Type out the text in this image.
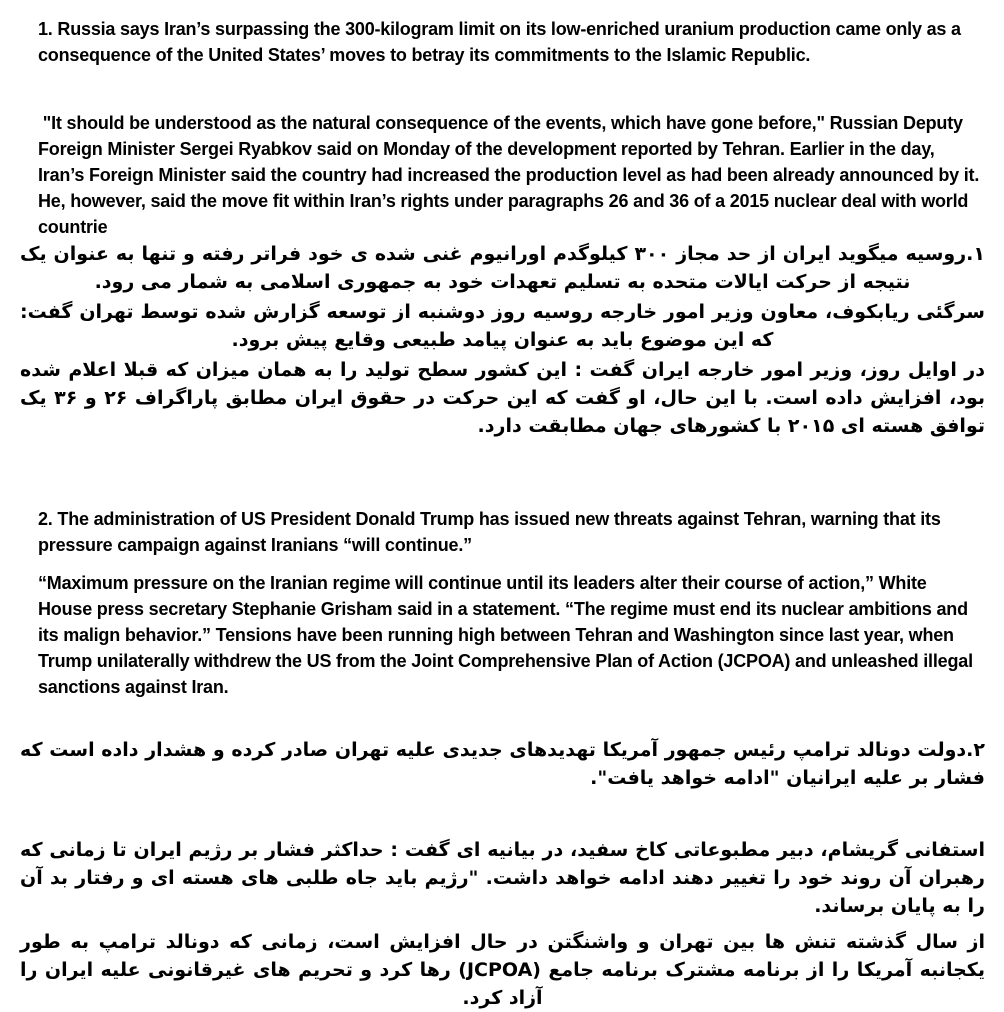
1. Russia says Iran’s surpassing the 300-kilogram limit on its low-enriched uranium production came only as a consequence of the United States’ moves to betray its commitments to the Islamic Republic.

"It should be understood as the natural consequence of the events, which have gone before," Russian Deputy Foreign Minister Sergei Ryabkov said on Monday of the development reported by Tehran. Earlier in the day, Iran’s Foreign Minister said the country had increased the production level as had been already announced by it. He, however, said the move fit within Iran’s rights under paragraphs 26 and 36 of a 2015 nuclear deal with world countrie

۱.روسیه میگوید ایران از حد مجاز ۳۰۰ کیلوگدم اورانیوم غنی شده ی خود فراتر رفته و تنها به عنوان یک نتیجه از حرکت ایالات متحده به تسلیم تعهدات خود به جمهوری اسلامی به شمار می رود.

سرگئی ریابکوف، معاون وزیر امور خارجه روسیه روز دوشنبه از توسعه گزارش شده توسط تهران گفت: که این موضوع باید به عنوان پیامد طبیعی وقایع پیش برود.

در اوایل روز، وزیر امور خارجه ایران گفت : این کشور سطح تولید را به همان میزان که قبلا اعلام شده بود، افزایش داده است. با این حال، او گفت که این حرکت در حقوق ایران مطابق پاراگراف ۲۶ و ۳۶ یک توافق هسته ای ۲۰۱۵ با کشورهای جهان مطابقت دارد.

2. The administration of US President Donald Trump has issued new threats against Tehran, warning that its pressure campaign against Iranians “will continue.”

“Maximum pressure on the Iranian regime will continue until its leaders alter their course of action,” White House press secretary Stephanie Grisham said in a statement. “The regime must end its nuclear ambitions and its malign behavior.” Tensions have been running high between Tehran and Washington since last year, when Trump unilaterally withdrew the US from the Joint Comprehensive Plan of Action (JCPOA) and unleashed illegal sanctions against Iran.

۲.دولت دونالد ترامپ رئیس جمهور آمریکا تهدیدهای جدیدی علیه تهران صادر کرده و هشدار داده است که فشار بر علیه ایرانیان "ادامه خواهد یافت".

استفانی گریشام، دبیر مطبوعاتی کاخ سفید، در بیانیه ای گفت : حداکثر فشار بر رژیم ایران تا زمانی که رهبران آن روند خود را تغییر دهند ادامه خواهد داشت. "رژیم باید جاه طلبی های هسته ای و رفتار بد آن را به پایان برساند.

از سال گذشته تنش ها بین تهران و واشنگتن در حال افزایش است، زمانی که دونالد ترامپ به طور یکجانبه آمریکا را از برنامه مشترک برنامه جامع (JCPOA) رها کرد و تحریم های غیرقانونی علیه ایران را آزاد کرد.
